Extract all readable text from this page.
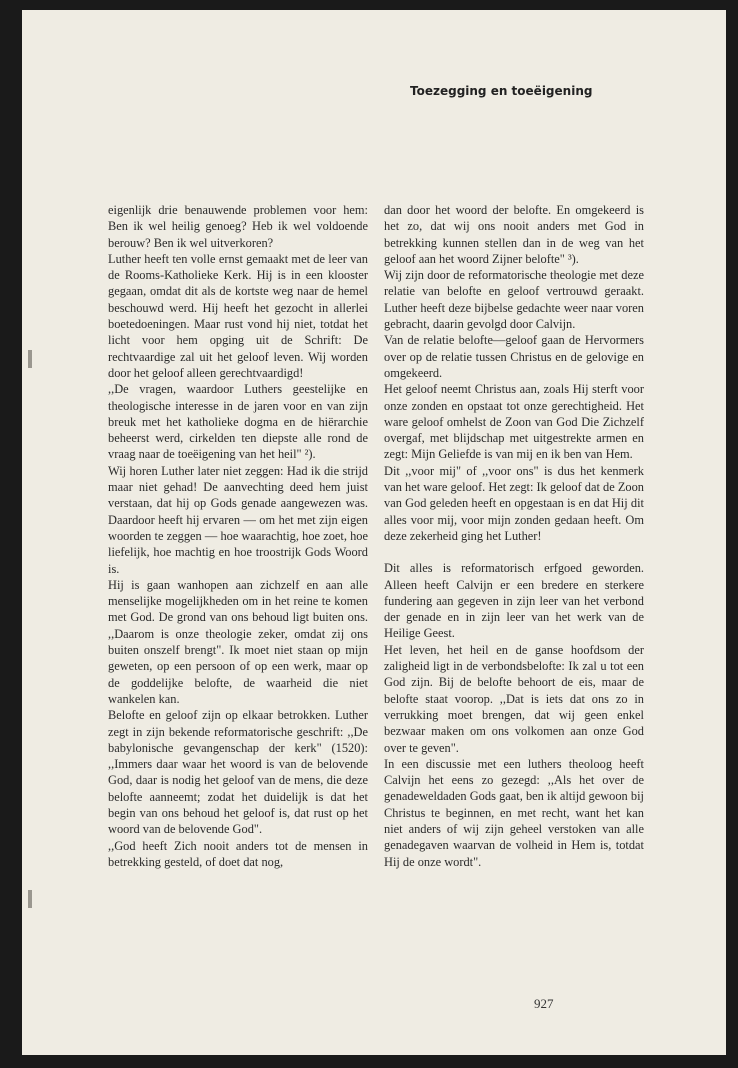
Toezegging en toeëigening

eigenlijk drie benauwende problemen voor hem: Ben ik wel heilig genoeg? Heb ik wel voldoende berouw? Ben ik wel uitverkoren?

Luther heeft ten volle ernst gemaakt met de leer van de Rooms-Katholieke Kerk. Hij is in een klooster gegaan, omdat dit als de kortste weg naar de hemel beschouwd werd. Hij heeft het gezocht in allerlei boetedoeningen. Maar rust vond hij niet, totdat het licht voor hem opging uit de Schrift: De rechtvaardige zal uit het geloof leven. Wij worden door het geloof alleen gerechtvaardigd!

,,De vragen, waardoor Luthers geestelijke en theologische interesse in de jaren voor en van zijn breuk met het katholieke dogma en de hiërarchie beheerst werd, cirkelden ten diepste alle rond de vraag naar de toeëigening van het heil" ²).

Wij horen Luther later niet zeggen: Had ik die strijd maar niet gehad! De aanvechting deed hem juist verstaan, dat hij op Gods genade aangewezen was. Daardoor heeft hij ervaren — om het met zijn eigen woorden te zeggen — hoe waarachtig, hoe zoet, hoe liefelijk, hoe machtig en hoe troostrijk Gods Woord is.

Hij is gaan wanhopen aan zichzelf en aan alle menselijke mogelijkheden om in het reine te komen met God. De grond van ons behoud ligt buiten ons. ,,Daarom is onze theologie zeker, omdat zij ons buiten onszelf brengt". Ik moet niet staan op mijn geweten, op een persoon of op een werk, maar op de goddelijke belofte, de waarheid die niet wankelen kan.

Belofte en geloof zijn op elkaar betrokken. Luther zegt in zijn bekende reformatorische geschrift: ,,De babylonische gevangenschap der kerk" (1520): ,,Immers daar waar het woord is van de belovende God, daar is nodig het geloof van de mens, die deze belofte aanneemt; zodat het duidelijk is dat het begin van ons behoud het geloof is, dat rust op het woord van de belovende God".

,,God heeft Zich nooit anders tot de mensen in betrekking gesteld, of doet dat nog,

dan door het woord der belofte. En omgekeerd is het zo, dat wij ons nooit anders met God in betrekking kunnen stellen dan in de weg van het geloof aan het woord Zijner belofte" ³).

Wij zijn door de reformatorische theologie met deze relatie van belofte en geloof vertrouwd geraakt. Luther heeft deze bijbelse gedachte weer naar voren gebracht, daarin gevolgd door Calvijn.

Van de relatie belofte—geloof gaan de Hervormers over op de relatie tussen Christus en de gelovige en omgekeerd.

Het geloof neemt Christus aan, zoals Hij sterft voor onze zonden en opstaat tot onze gerechtigheid. Het ware geloof omhelst de Zoon van God Die Zichzelf overgaf, met blijdschap met uitgestrekte armen en zegt: Mijn Geliefde is van mij en ik ben van Hem.

Dit ,,voor mij" of ,,voor ons" is dus het kenmerk van het ware geloof. Het zegt: Ik geloof dat de Zoon van God geleden heeft en opgestaan is en dat Hij dit alles voor mij, voor mijn zonden gedaan heeft. Om deze zekerheid ging het Luther!

Dit alles is reformatorisch erfgoed geworden. Alleen heeft Calvijn er een bredere en sterkere fundering aan gegeven in zijn leer van het verbond der genade en in zijn leer van het werk van de Heilige Geest.

Het leven, het heil en de ganse hoofdsom der zaligheid ligt in de verbondsbelofte: Ik zal u tot een God zijn. Bij de belofte behoort de eis, maar de belofte staat voorop. ,,Dat is iets dat ons zo in verrukking moet brengen, dat wij geen enkel bezwaar maken om ons volkomen aan onze God over te geven".

In een discussie met een luthers theoloog heeft Calvijn het eens zo gezegd: ,,Als het over de genadeweldaden Gods gaat, ben ik altijd gewoon bij Christus te beginnen, en met recht, want het kan niet anders of wij zijn geheel verstoken van alle genadegaven waarvan de volheid in Hem is, totdat Hij de onze wordt".

927
